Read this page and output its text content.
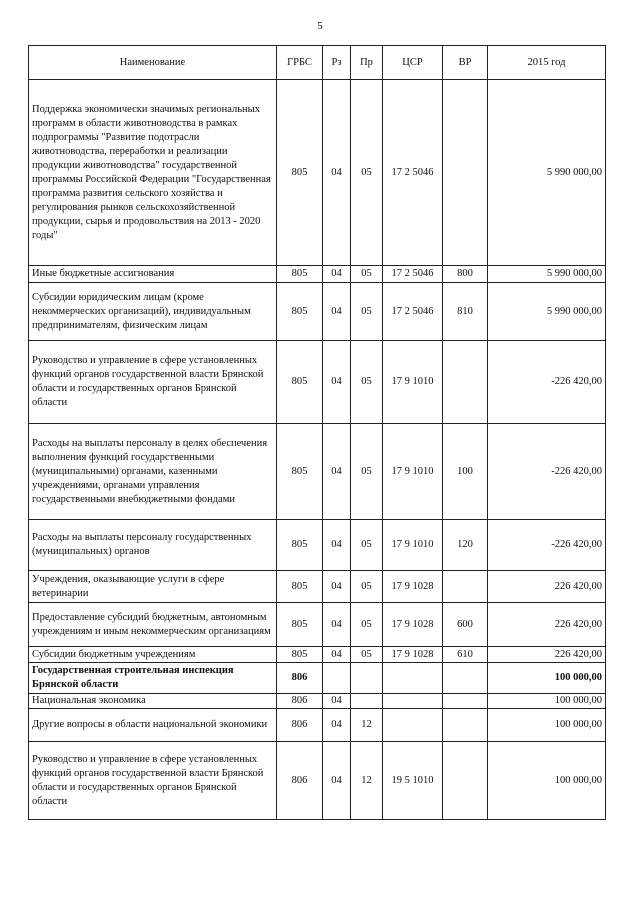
5
Наименование	ГРБС	Рз	Пр	ЦСР	ВР	2015 год
Поддержка экономически значимых региональных программ в области животноводства в рамках подпрограммы "Развитие подотрасли животноводства, переработки и реализации продукции животноводства" государственной программы Российской Федерации "Государственная программа развития сельского хозяйства и регулирования рынков сельскохозяйственной продукции, сырья и продовольствия на 2013 - 2020 годы"	805	04	05	17 2 5046		5 990 000,00
Иные бюджетные ассигнования	805	04	05	17 2 5046	800	5 990 000,00
Субсидии юридическим лицам (кроме некоммерческих организаций), индивидуальным предпринимателям, физическим лицам	805	04	05	17 2 5046	810	5 990 000,00
Руководство и управление в сфере установленных функций органов государственной власти Брянской области и государственных органов Брянской области	805	04	05	17 9 1010		-226 420,00
Расходы на выплаты персоналу в целях обеспечения выполнения функций государственными (муниципальными) органами, казенными учреждениями, органами управления государственными внебюджетными фондами	805	04	05	17 9 1010	100	-226 420,00
Расходы на выплаты персоналу государственных (муниципальных) органов	805	04	05	17 9 1010	120	-226 420,00
Учреждения, оказывающие услуги в сфере ветеринарии	805	04	05	17 9 1028		226 420,00
Предоставление субсидий бюджетным, автономным учреждениям и иным некоммерческим организациям	805	04	05	17 9 1028	600	226 420,00
Субсидии бюджетным учреждениям	805	04	05	17 9 1028	610	226 420,00
Государственная строительная инспекция Брянской области	806					100 000,00
Национальная экономика	806	04				100 000,00
Другие вопросы в области национальной экономики	806	04	12			100 000,00
Руководство и управление в сфере установленных функций органов государственной власти Брянской области и государственных органов Брянской области	806	04	12	19 5 1010		100 000,00
